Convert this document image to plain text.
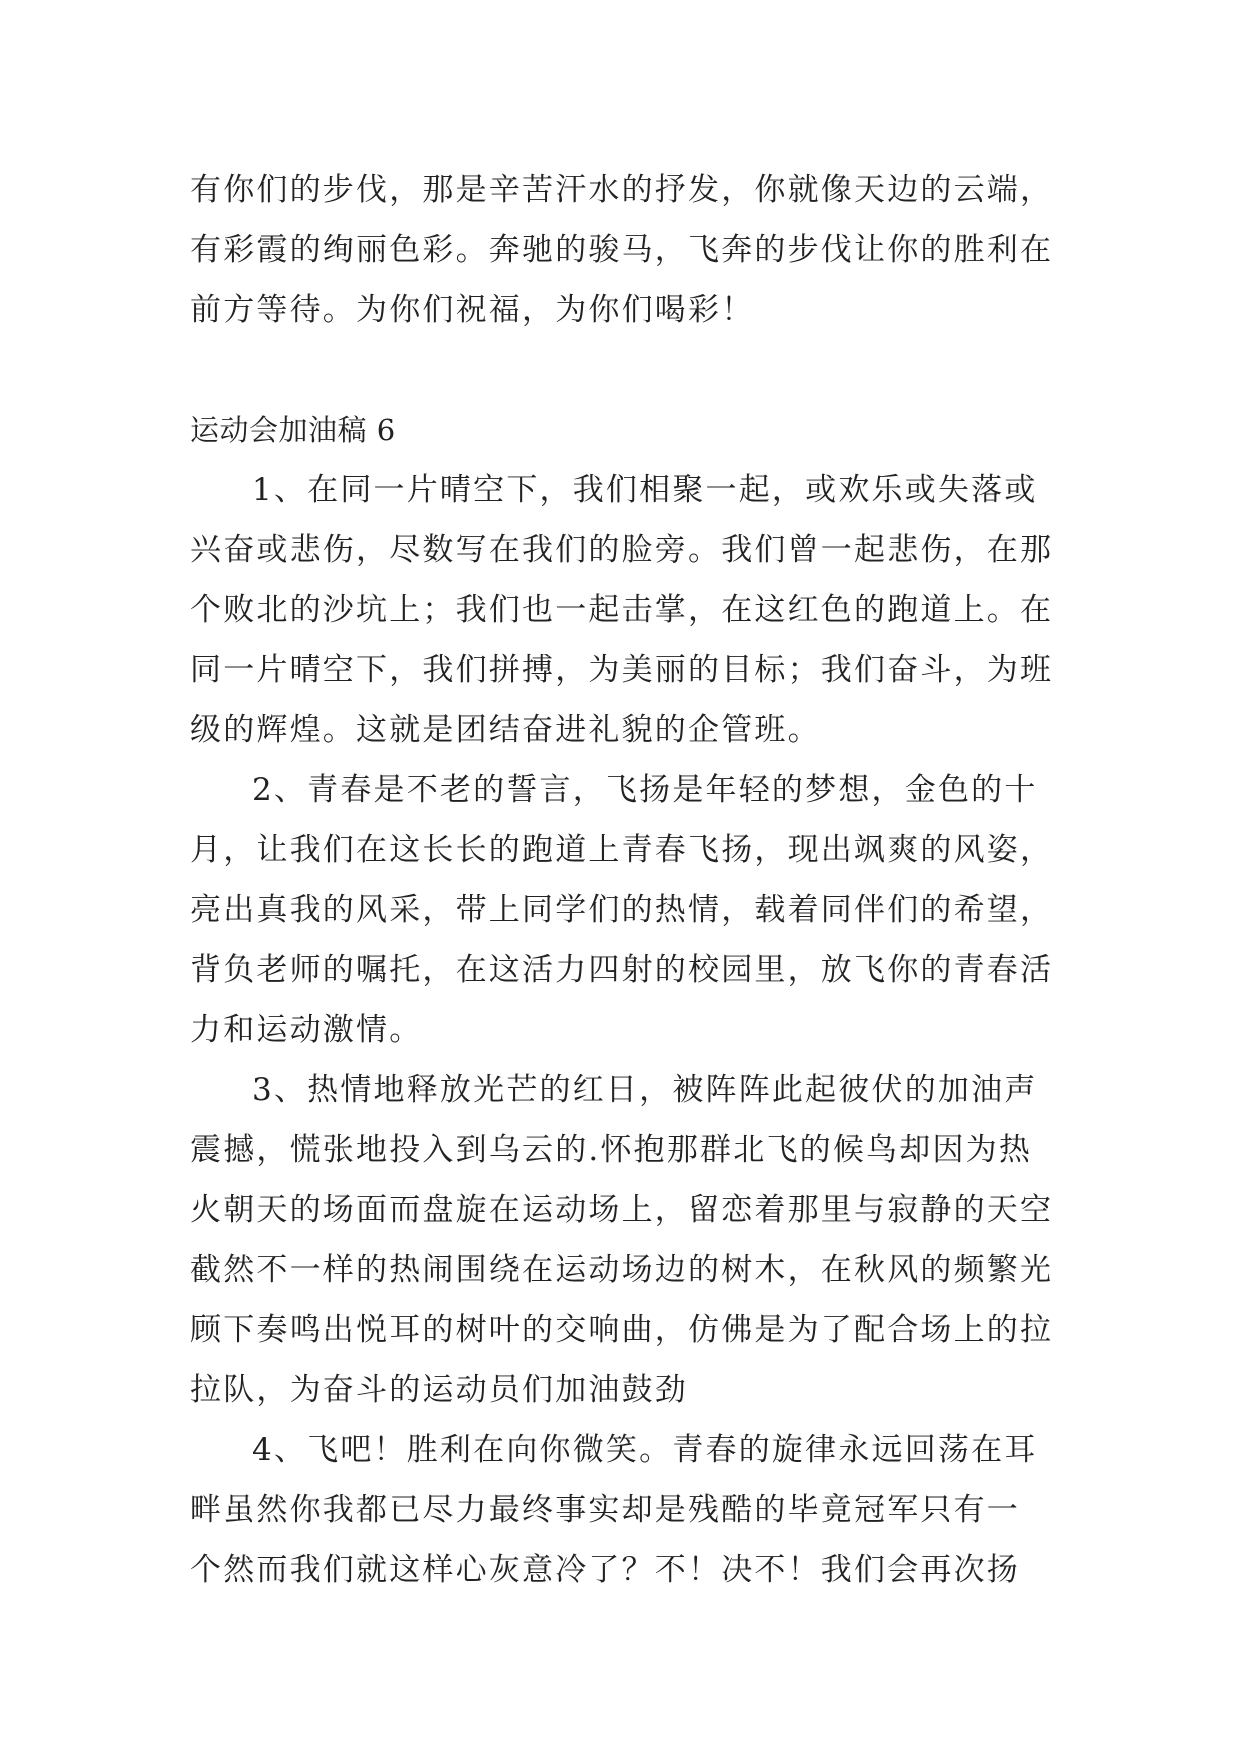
有你们的步伐，那是辛苦汗水的抒发，你就像天边的云端，
有彩霞的绚丽色彩。奔驰的骏马，飞奔的步伐让你的胜利在
前方等待。为你们祝福，为你们喝彩！
运动会加油稿 6
1、在同一片晴空下，我们相聚一起，或欢乐或失落或
兴奋或悲伤，尽数写在我们的脸旁。我们曾一起悲伤，在那
个败北的沙坑上；我们也一起击掌，在这红色的跑道上。在
同一片晴空下，我们拼搏，为美丽的目标；我们奋斗，为班
级的辉煌。这就是团结奋进礼貌的企管班。
2、青春是不老的誓言，飞扬是年轻的梦想，金色的十
月，让我们在这长长的跑道上青春飞扬，现出飒爽的风姿，
亮出真我的风采，带上同学们的热情，载着同伴们的希望，
背负老师的嘱托，在这活力四射的校园里，放飞你的青春活
力和运动激情。
3、热情地释放光芒的红日，被阵阵此起彼伏的加油声
震撼，慌张地投入到乌云的.怀抱那群北飞的候鸟却因为热
火朝天的场面而盘旋在运动场上，留恋着那里与寂静的天空
截然不一样的热闹围绕在运动场边的树木，在秋风的频繁光
顾下奏鸣出悦耳的树叶的交响曲，仿佛是为了配合场上的拉
拉队，为奋斗的运动员们加油鼓劲
4、飞吧！胜利在向你微笑。青春的旋律永远回荡在耳
畔虽然你我都已尽力最终事实却是残酷的毕竟冠军只有一
个然而我们就这样心灰意冷了？不！决不！我们会再次扬
